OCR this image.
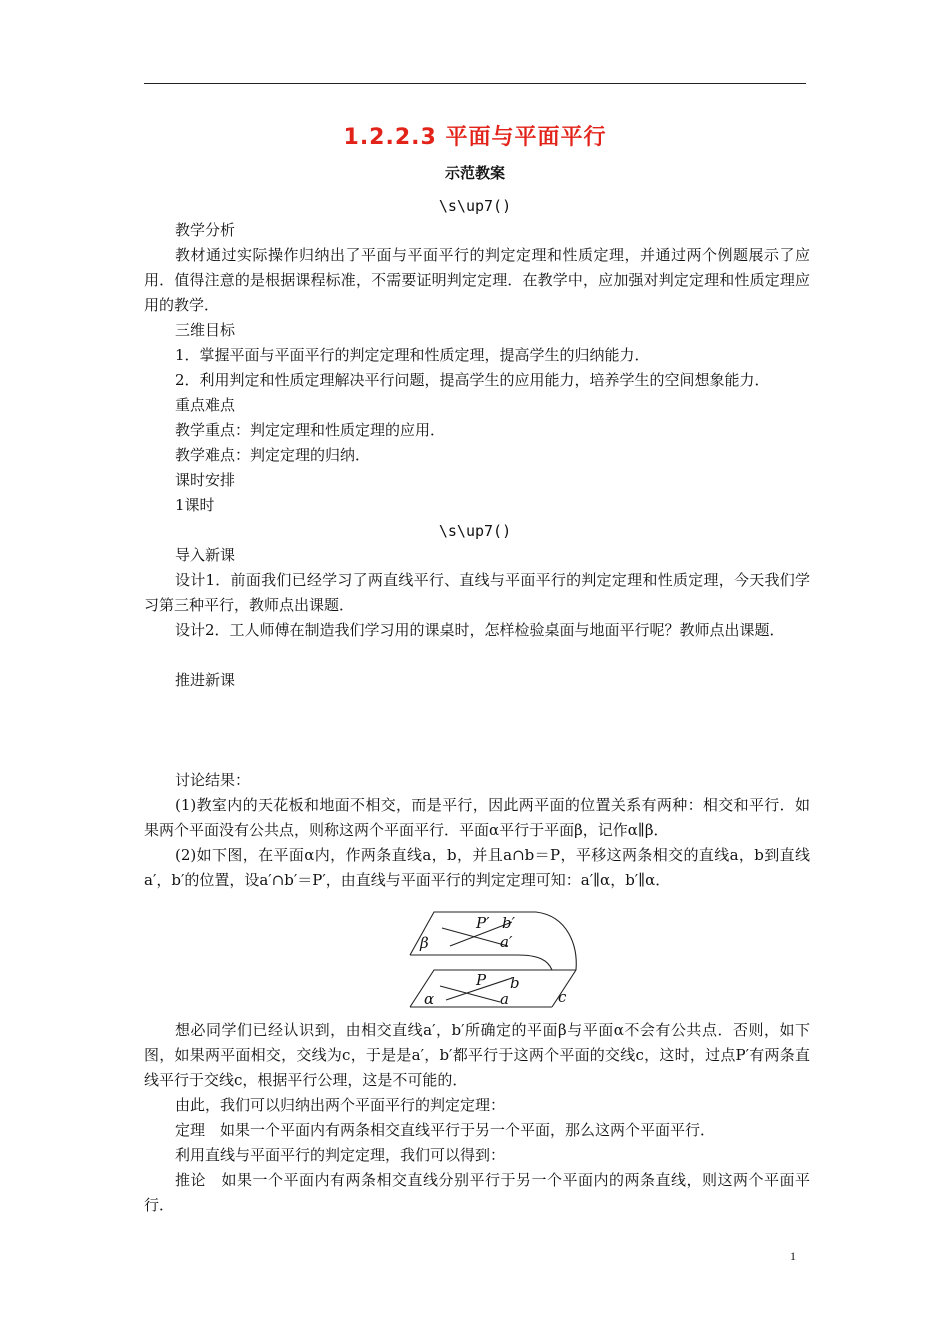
1.2.2.3 平面与平面平行
示范教案
\s\up7()
教学分析
教材通过实际操作归纳出了平面与平面平行的判定定理和性质定理，并通过两个例题展示了应用．值得注意的是根据课程标准，不需要证明判定定理．在教学中，应加强对判定定理和性质定理应用的教学．
三维目标
1．掌握平面与平面平行的判定定理和性质定理，提高学生的归纳能力．
2．利用判定和性质定理解决平行问题，提高学生的应用能力，培养学生的空间想象能力．
重点难点
教学重点：判定定理和性质定理的应用．
教学难点：判定定理的归纳．
课时安排
1课时
\s\up7()
导入新课
设计1．前面我们已经学习了两直线平行、直线与平面平行的判定定理和性质定理，今天我们学习第三种平行，教师点出课题．
设计2．工人师傅在制造我们学习用的课桌时，怎样检验桌面与地面平行呢？教师点出课题．
推进新课
讨论结果：
(1)教室内的天花板和地面不相交，而是平行，因此两平面的位置关系有两种：相交和平行．如果两个平面没有公共点，则称这两个平面平行．平面α平行于平面β，记作α∥β．
(2)如下图，在平面α内，作两条直线a，b，并且a∩b＝P，平移这两条相交的直线a，b到直线a′，b′的位置，设a′∩b′＝P′，由直线与平面平行的判定定理可知：a′∥α，b′∥α．
β
P′ b′
a′
α
P b
a	c
想必同学们已经认识到，由相交直线a′，b′所确定的平面β与平面α不会有公共点．否则，如下图，如果两平面相交，交线为c，于是是a′，b′都平行于这两个平面的交线c，这时，过点P′有两条直线平行于交线c，根据平行公理，这是不可能的．
由此，我们可以归纳出两个平面平行的判定定理：
定理　如果一个平面内有两条相交直线平行于另一个平面，那么这两个平面平行．
利用直线与平面平行的判定定理，我们可以得到：
推论　如果一个平面内有两条相交直线分别平行于另一个平面内的两条直线，则这两个平面平行．
1
